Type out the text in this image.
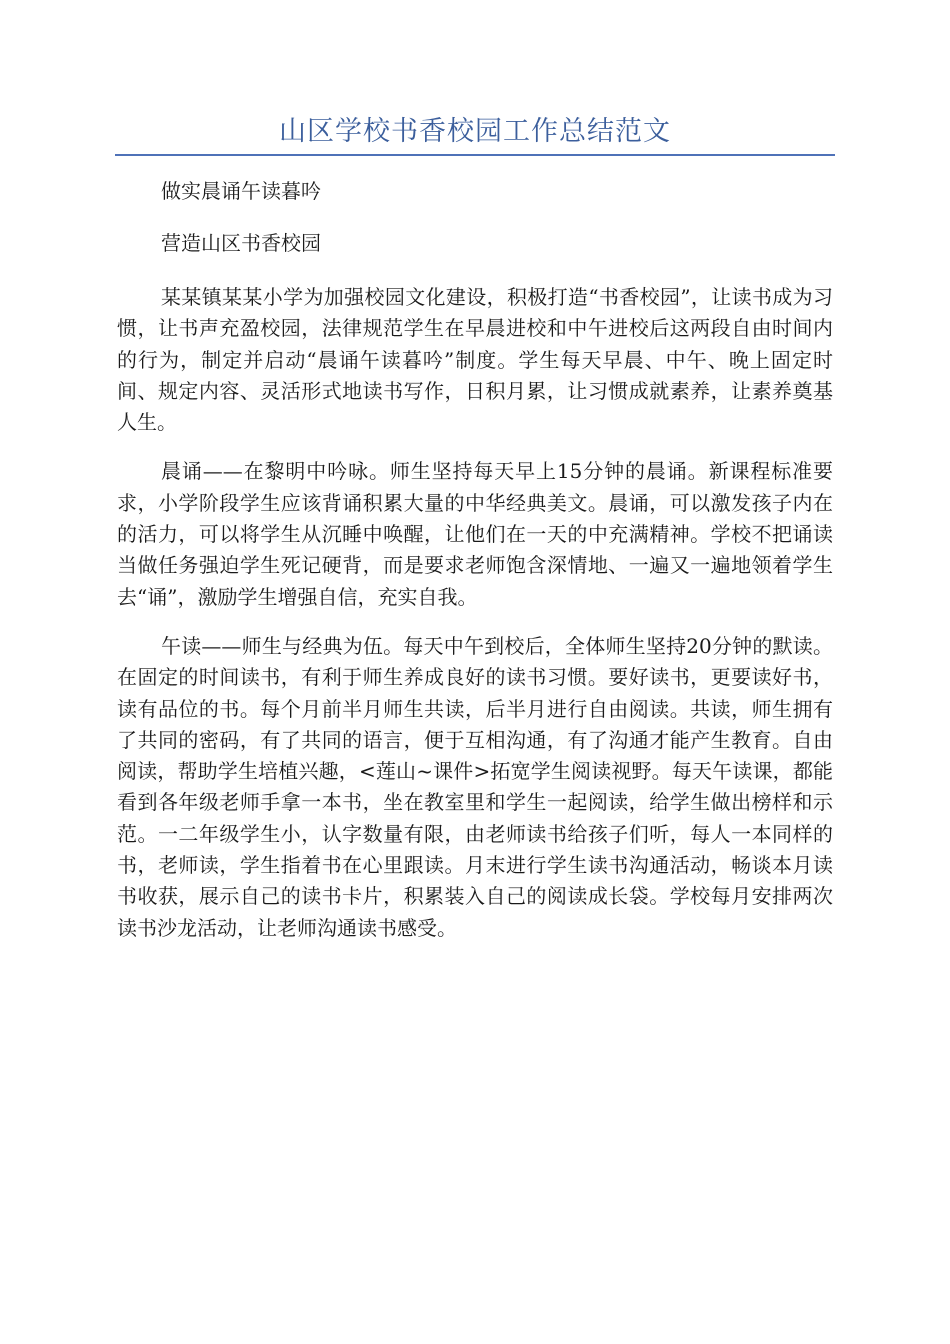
山区学校书香校园工作总结范文

做实晨诵午读暮吟

营造山区书香校园

某某镇某某小学为加强校园文化建设，积极打造“书香校园”，让读书成为习惯，让书声充盈校园，法律规范学生在早晨进校和中午进校后这两段自由时间内的行为，制定并启动“晨诵午读暮吟”制度。学生每天早晨、中午、晚上固定时间、规定内容、灵活形式地读书写作，日积月累，让习惯成就素养，让素养奠基人生。

晨诵——在黎明中吟咏。师生坚持每天早上15分钟的晨诵。新课程标准要求，小学阶段学生应该背诵积累大量的中华经典美文。晨诵，可以激发孩子内在的活力，可以将学生从沉睡中唤醒，让他们在一天的中充满精神。学校不把诵读当做任务强迫学生死记硬背，而是要求老师饱含深情地、一遍又一遍地领着学生去“诵”，激励学生增强自信，充实自我。

午读——师生与经典为伍。每天中午到校后，全体师生坚持20分钟的默读。在固定的时间读书，有利于师生养成良好的读书习惯。要好读书，更要读好书，读有品位的书。每个月前半月师生共读，后半月进行自由阅读。共读，师生拥有了共同的密码，有了共同的语言，便于互相沟通，有了沟通才能产生教育。自由阅读，帮助学生培植兴趣，<莲山~课件>拓宽学生阅读视野。每天午读课，都能看到各年级老师手拿一本书，坐在教室里和学生一起阅读，给学生做出榜样和示范。一二年级学生小，认字数量有限，由老师读书给孩子们听，每人一本同样的书，老师读，学生指着书在心里跟读。月末进行学生读书沟通活动，畅谈本月读书收获，展示自己的读书卡片，积累装入自己的阅读成长袋。学校每月安排两次读书沙龙活动，让老师沟通读书感受。
